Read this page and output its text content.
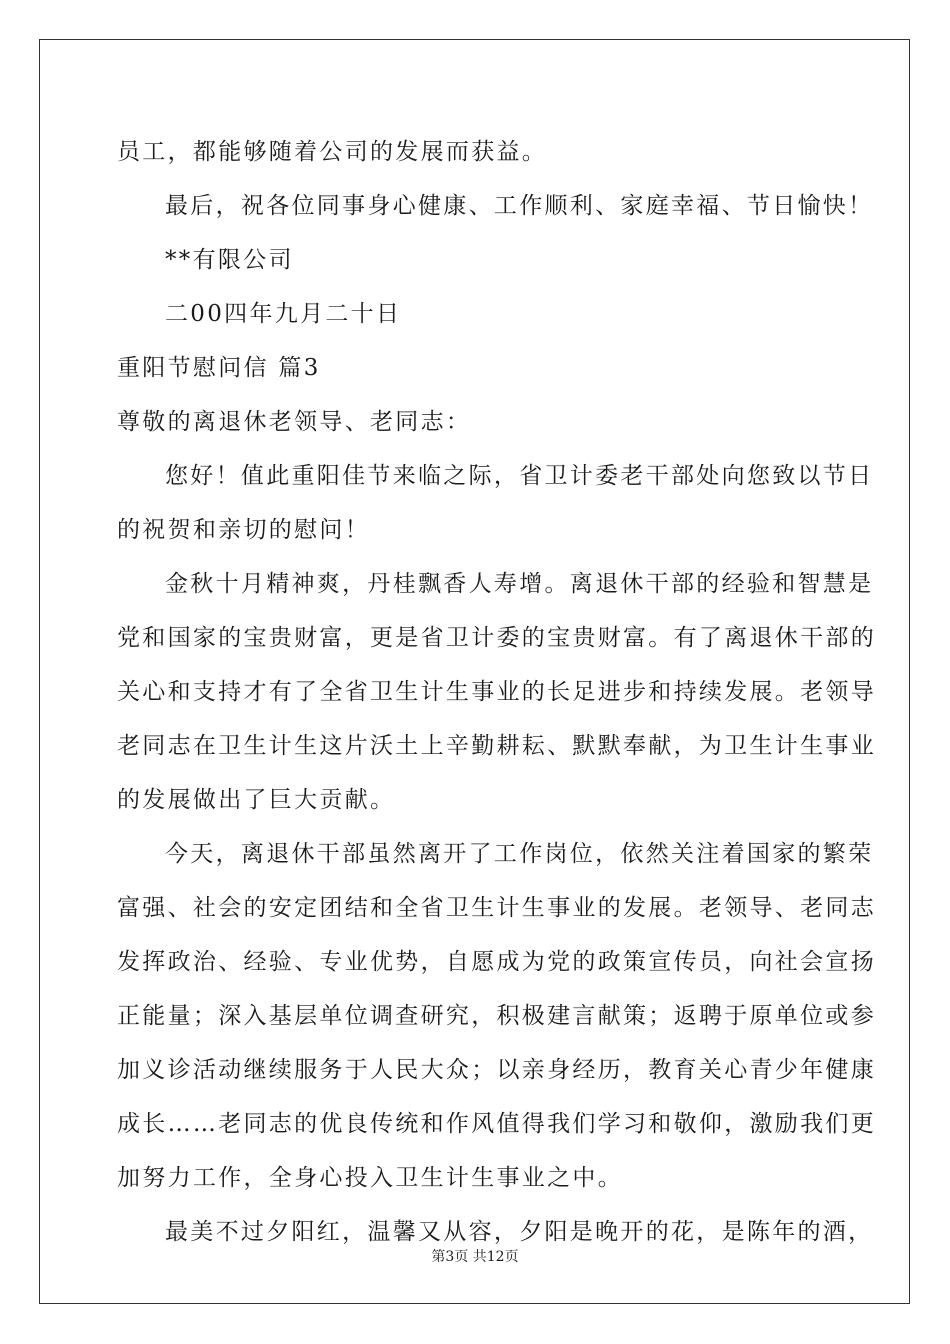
员工，都能够随着公司的发展而获益。
最后，祝各位同事身心健康、工作顺利、家庭幸福、节日愉快！
**有限公司
二00四年九月二十日
重阳节慰问信 篇3
尊敬的离退休老领导、老同志：
您好！值此重阳佳节来临之际，省卫计委老干部处向您致以节日
的祝贺和亲切的慰问！
金秋十月精神爽，丹桂飘香人寿增。离退休干部的经验和智慧是
党和国家的宝贵财富，更是省卫计委的宝贵财富。有了离退休干部的
关心和支持才有了全省卫生计生事业的长足进步和持续发展。老领导
老同志在卫生计生这片沃土上辛勤耕耘、默默奉献，为卫生计生事业
的发展做出了巨大贡献。
今天，离退休干部虽然离开了工作岗位，依然关注着国家的繁荣
富强、社会的安定团结和全省卫生计生事业的发展。老领导、老同志
发挥政治、经验、专业优势，自愿成为党的政策宣传员，向社会宣扬
正能量；深入基层单位调查研究，积极建言献策；返聘于原单位或参
加义诊活动继续服务于人民大众；以亲身经历，教育关心青少年健康
成长……老同志的优良传统和作风值得我们学习和敬仰，激励我们更
加努力工作，全身心投入卫生计生事业之中。
最美不过夕阳红，温馨又从容，夕阳是晚开的花，是陈年的酒，
第3页 共12页
